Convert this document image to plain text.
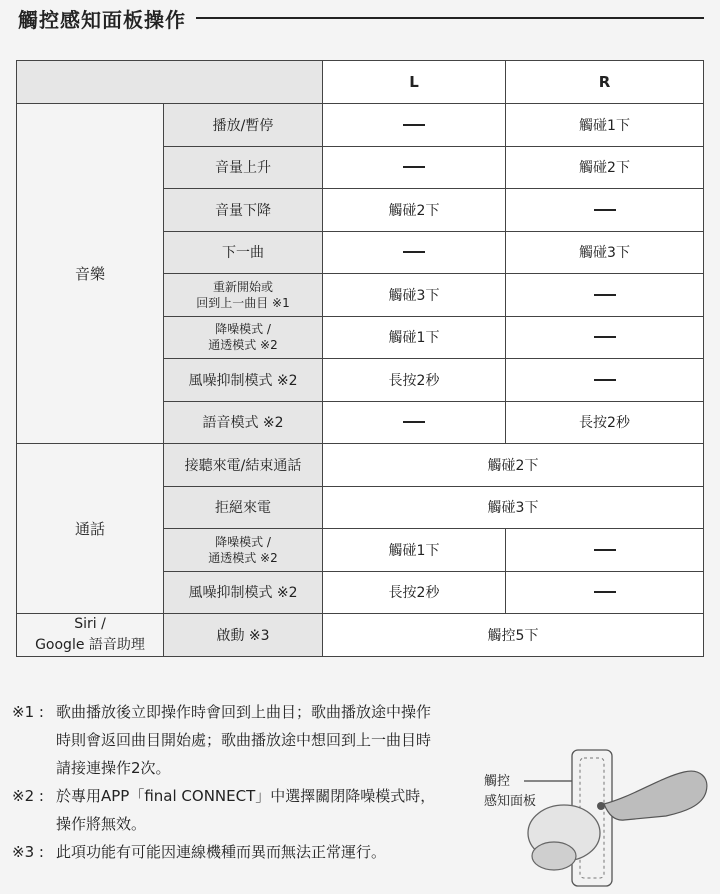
觸控感知面板操作
		L	R
音樂	播放/暫停		觸碰1下
	音量上升		觸碰2下
	音量下降	觸碰2下	
	下一曲		觸碰3下

	重新開始或
回到上一曲目 ※1	觸碰3下	

	降噪模式 /
通透模式 ※2	觸碰1下	
	風噪抑制模式 ※2	長按2秒	
	語音模式 ※2		長按2秒
通話	接聽來電/結束通話	觸碰2下	
	拒絕來電	觸碰3下	

	降噪模式 /
通透模式 ※2	觸碰1下	
	風噪抑制模式 ※2	長按2秒	

Siri /
Google 語音助理	啟動 ※3	觸控5下	
※1 : 歌曲播放後立即操作時會回到上曲目；歌曲播放途中操作
時則會返回曲目開始處；歌曲播放途中想回到上一曲目時
請接連操作2次。
※2 : 於專用APP「final CONNECT」中選擇關閉降噪模式時，
操作將無效。
※3 : 此項功能有可能因連線機種而異而無法正常運行。
觸控
感知面板
